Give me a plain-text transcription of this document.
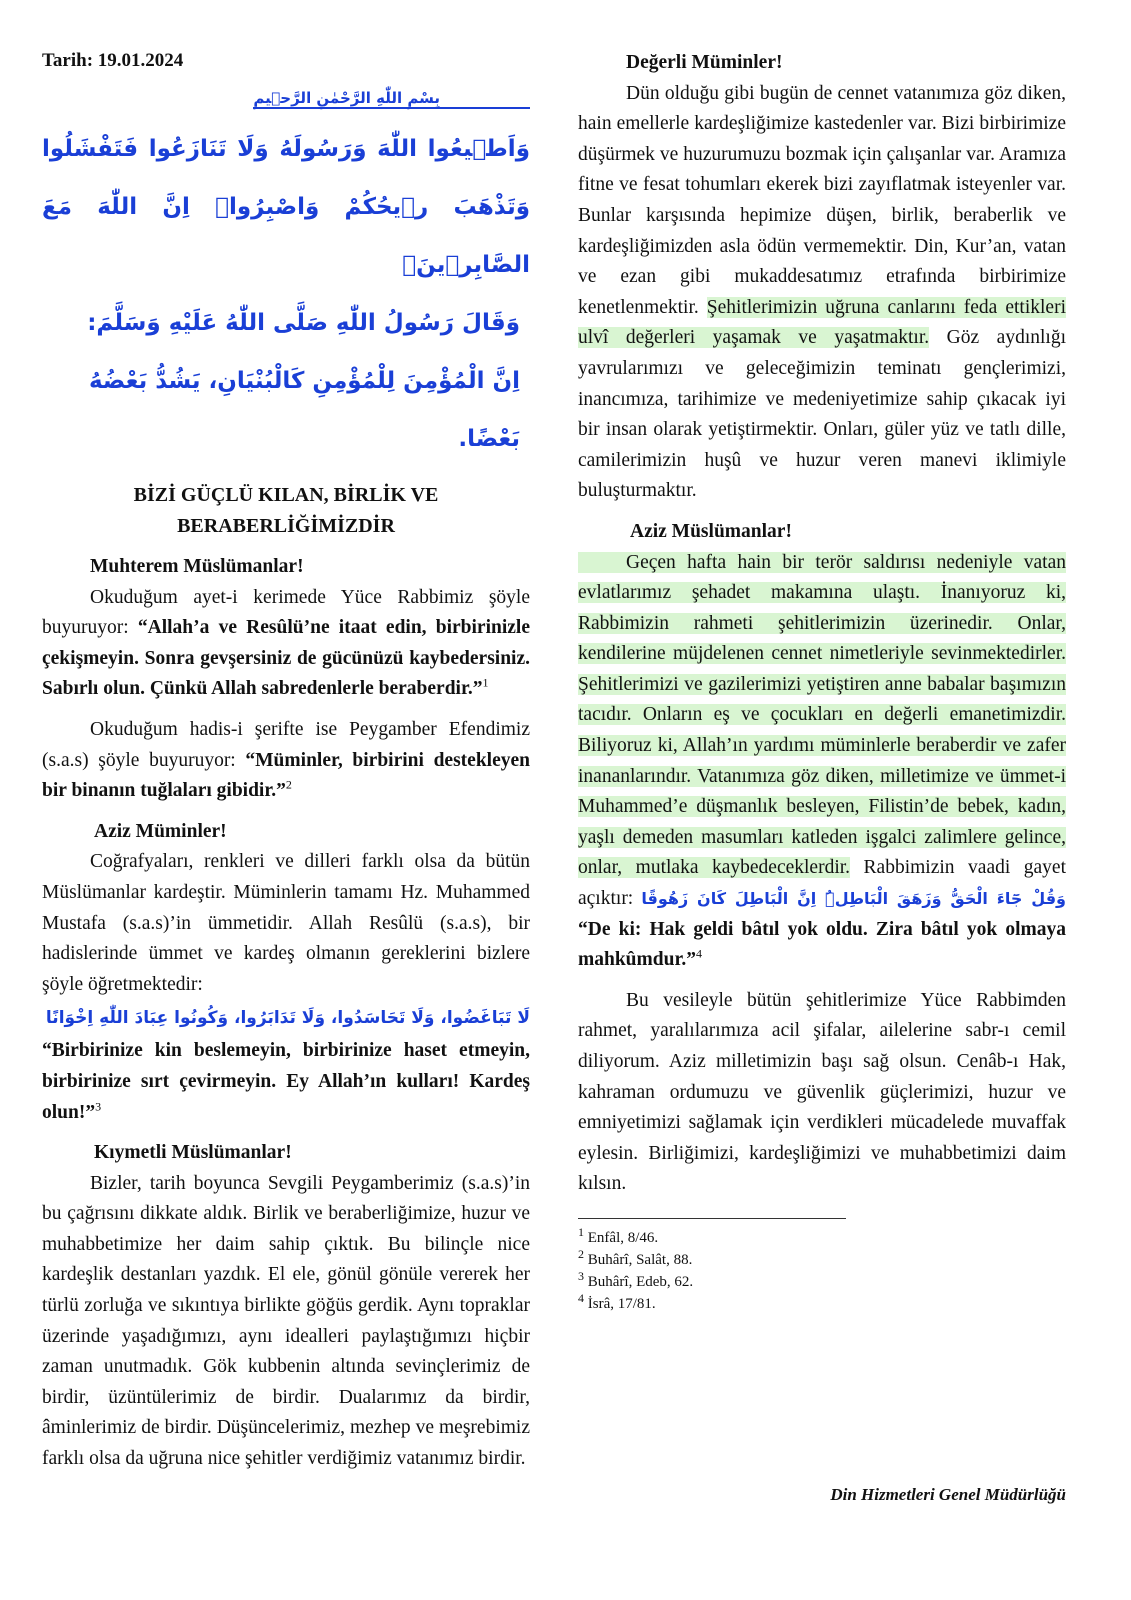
Tarih: 19.01.2024
بِسْمِ اللّٰهِ الرَّحْمٰنِ الرَّح۪يمِ
وَاَط۪يعُوا اللّٰهَ وَرَسُولَهُ وَلَا تَنَازَعُوا فَتَفْشَلُوا وَتَذْهَبَ ر۪يحُكُمْ وَاصْبِرُواۜ اِنَّ اللّٰهَ مَعَ الصَّابِر۪ينَۚ
وَقَالَ رَسُولُ اللّٰهِ صَلَّى اللّٰهُ عَلَيْهِ وَسَلَّمَ:
اِنَّ الْمُؤْمِنَ لِلْمُؤْمِنِ كَالْبُنْيَانِ، يَشُدُّ بَعْضُهُ بَعْضًا.
BİZİ GÜÇLÜ KILAN, BİRLİK VE
BERABERLİĞİMİZDİR
Muhterem Müslümanlar!

Okuduğum ayet-i kerimede Yüce Rabbimiz şöyle buyuruyor: “Allah’a ve Resûlü’ne itaat edin, birbirinizle çekişmeyin. Sonra gevşersiniz de gücünüzü kaybedersiniz. Sabırlı olun. Çünkü Allah sabredenlerle beraberdir.”$^1$

Okuduğum hadis-i şerifte ise Peygamber Efendimiz (s.a.s) şöyle buyuruyor: “Müminler, birbirini destekleyen bir binanın tuğlaları gibidir.”$^2$

Aziz Müminler!

Coğrafyaları, renkleri ve dilleri farklı olsa da bütün Müslümanlar kardeştir. Müminlerin tamamı Hz. Muhammed Mustafa (s.a.s)’in ümmetidir. Allah Resûlü (s.a.s), bir hadislerinde ümmet ve kardeş olmanın gereklerini bizlere şöyle öğretmektedir:

لَا تَبَاغَضُوا، وَلَا تَحَاسَدُوا، وَلَا تَدَابَرُوا، وَكُونُوا عِبَادَ اللّٰهِ اِخْوَانًا

“Birbirinize kin beslemeyin, birbirinize haset etmeyin, birbirinize sırt çevirmeyin. Ey Allah’ın kulları! Kardeş olun!”$^3$

Kıymetli Müslümanlar!

Bizler, tarih boyunca Sevgili Peygamberimiz (s.a.s)’in bu çağrısını dikkate aldık. Birlik ve beraberliğimize, huzur ve muhabbetimize her daim sahip çıktık. Bu bilinçle nice kardeşlik destanları yazdık. El ele, gönül gönüle vererek her türlü zorluğa ve sıkıntıya birlikte göğüs gerdik. Aynı topraklar üzerinde yaşadığımızı, aynı idealleri paylaştığımızı hiçbir zaman unutmadık. Gök kubbenin altında sevinçlerimiz de birdir, üzüntülerimiz de birdir. Dualarımız da birdir, âminlerimiz de birdir. Düşüncelerimiz, mezhep ve meşrebimiz farklı olsa da uğruna nice şehitler verdiğimiz vatanımız birdir.

Değerli Müminler!

Dün olduğu gibi bugün de cennet vatanımıza göz diken, hain emellerle kardeşliğimize kastedenler var. Bizi birbirimize düşürmek ve huzurumuzu bozmak için çalışanlar var. Aramıza fitne ve fesat tohumları ekerek bizi zayıflatmak isteyenler var. Bunlar karşısında hepimize düşen, birlik, beraberlik ve kardeşliğimizden asla ödün vermemektir. Din, Kur’an, vatan ve ezan gibi mukaddesatımız etrafında birbirimize kenetlenmektir. Şehitlerimizin uğruna canlarını feda ettikleri ulvî değerleri yaşamak ve yaşatmaktır. Göz aydınlığı yavrularımızı ve geleceğimizin teminatı gençlerimizi, inancımıza, tarihimize ve medeniyetimize sahip çıkacak iyi bir insan olarak yetiştirmektir. Onları, güler yüz ve tatlı dille, camilerimizin huşû ve huzur veren manevi iklimiyle buluşturmaktır.

Aziz Müslümanlar!

Geçen hafta hain bir terör saldırısı nedeniyle vatan evlatlarımız şehadet makamına ulaştı. İnanıyoruz ki, Rabbimizin rahmeti şehitlerimizin üzerinedir. Onlar, kendilerine müjdelenen cennet nimetleriyle sevinmektedirler. Şehitlerimizi ve gazilerimizi yetiştiren anne babalar başımızın tacıdır. Onların eş ve çocukları en değerli emanetimizdir. Biliyoruz ki, Allah’ın yardımı müminlerle beraberdir ve zafer inananlarındır. Vatanımıza göz diken, milletimize ve ümmet-i Muhammed’e düşmanlık besleyen, Filistin’de bebek, kadın, yaşlı demeden masumları katleden işgalci zalimlere gelince, onlar, mutlaka kaybedeceklerdir. Rabbimizin vaadi gayet açıktır: وَقُلْ جَٓاءَ الْحَقُّ وَزَهَقَ الْبَاطِلُۜ اِنَّ الْبَاطِلَ كَانَ زَهُوقًا “De ki: Hak geldi bâtıl yok oldu. Zira bâtıl yok olmaya mahkûmdur.”$^4$

Bu vesileyle bütün şehitlerimize Yüce Rabbimden rahmet, yaralılarımıza acil şifalar, ailelerine sabr-ı cemil diliyorum. Aziz milletimizin başı sağ olsun. Cenâb-ı Hak, kahraman ordumuzu ve güvenlik güçlerimizi, huzur ve emniyetimizi sağlamak için verdikleri mücadelede muvaffak eylesin. Birliğimizi, kardeşliğimizi ve muhabbetimizi daim kılsın.

$^1$ Enfâl, 8/46.

$^2$ Buhârî, Salât, 88.

$^3$ Buhârî, Edeb, 62.

$^4$ İsrâ, 17/81.

Din Hizmetleri Genel Müdürlüğü
